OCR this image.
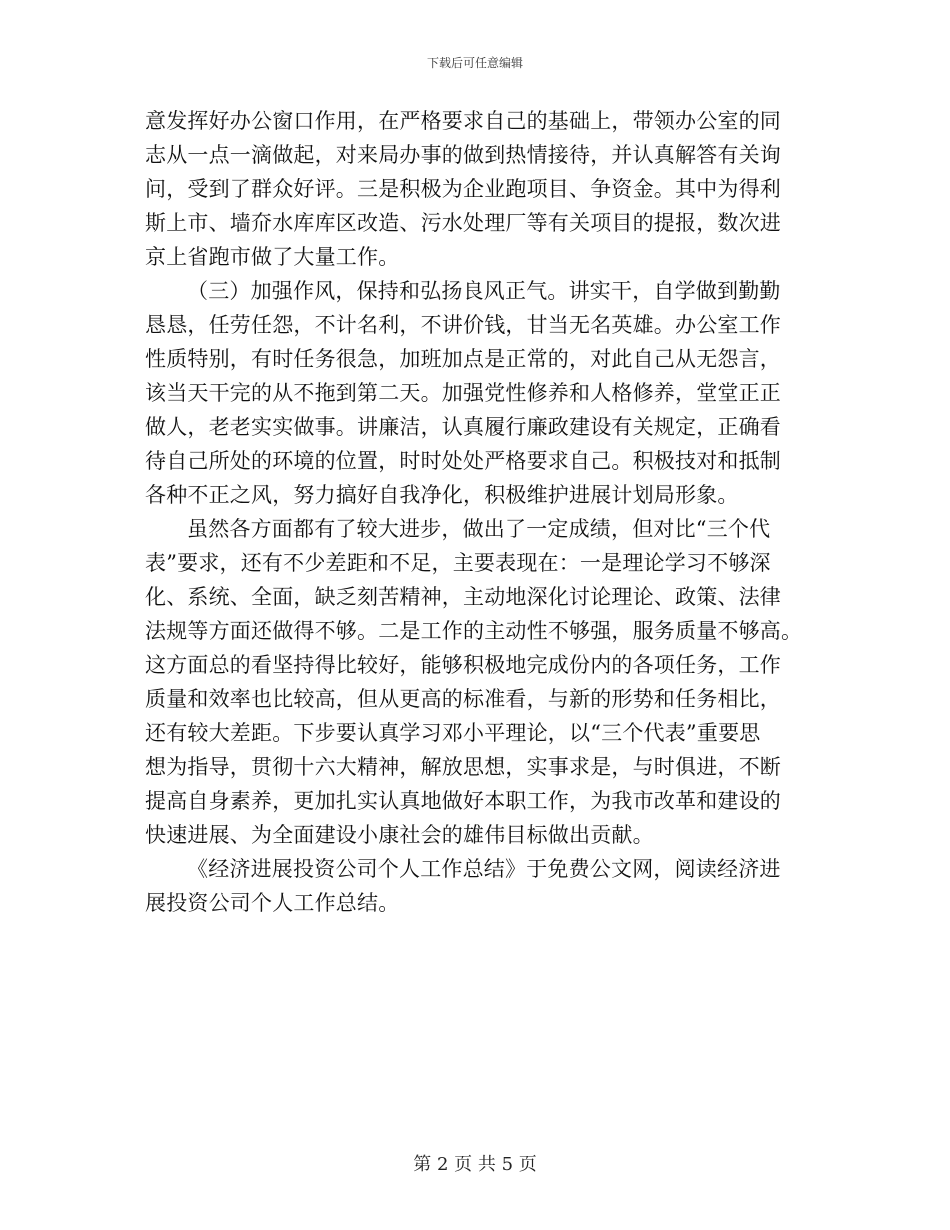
下载后可任意编辑
意发挥好办公窗口作用，在严格要求自己的基础上，带领办公室的同
志从一点一滴做起，对来局办事的做到热情接待，并认真解答有关询
问，受到了群众好评。三是积极为企业跑项目、争资金。其中为得利
斯上市、墙夼水库库区改造、污水处理厂等有关项目的提报，数次进
京上省跑市做了大量工作。
（三）加强作风，保持和弘扬良风正气。讲实干，自学做到勤勤
恳恳，任劳任怨，不计名利，不讲价钱，甘当无名英雄。办公室工作
性质特别，有时任务很急，加班加点是正常的，对此自己从无怨言，
该当天干完的从不拖到第二天。加强党性修养和人格修养，堂堂正正
做人，老老实实做事。讲廉洁，认真履行廉政建设有关规定，正确看
待自己所处的环境的位置，时时处处严格要求自己。积极技对和抵制
各种不正之风，努力搞好自我净化，积极维护进展计划局形象。
虽然各方面都有了较大进步，做出了一定成绩，但对比“三个代
表”要求，还有不少差距和不足，主要表现在：一是理论学习不够深
化、系统、全面，缺乏刻苦精神，主动地深化讨论理论、政策、法律
法规等方面还做得不够。二是工作的主动性不够强，服务质量不够高。
这方面总的看坚持得比较好，能够积极地完成份内的各项任务，工作
质量和效率也比较高，但从更高的标准看，与新的形势和任务相比，
还有较大差距。下步要认真学习邓小平理论，以“三个代表”重要思
想为指导，贯彻十六大精神，解放思想，实事求是，与时俱进，不断
提高自身素养，更加扎实认真地做好本职工作，为我市改革和建设的
快速进展、为全面建设小康社会的雄伟目标做出贡献。
《经济进展投资公司个人工作总结》于免费公文网，阅读经济进
展投资公司个人工作总结。
第 2 页 共 5 页
